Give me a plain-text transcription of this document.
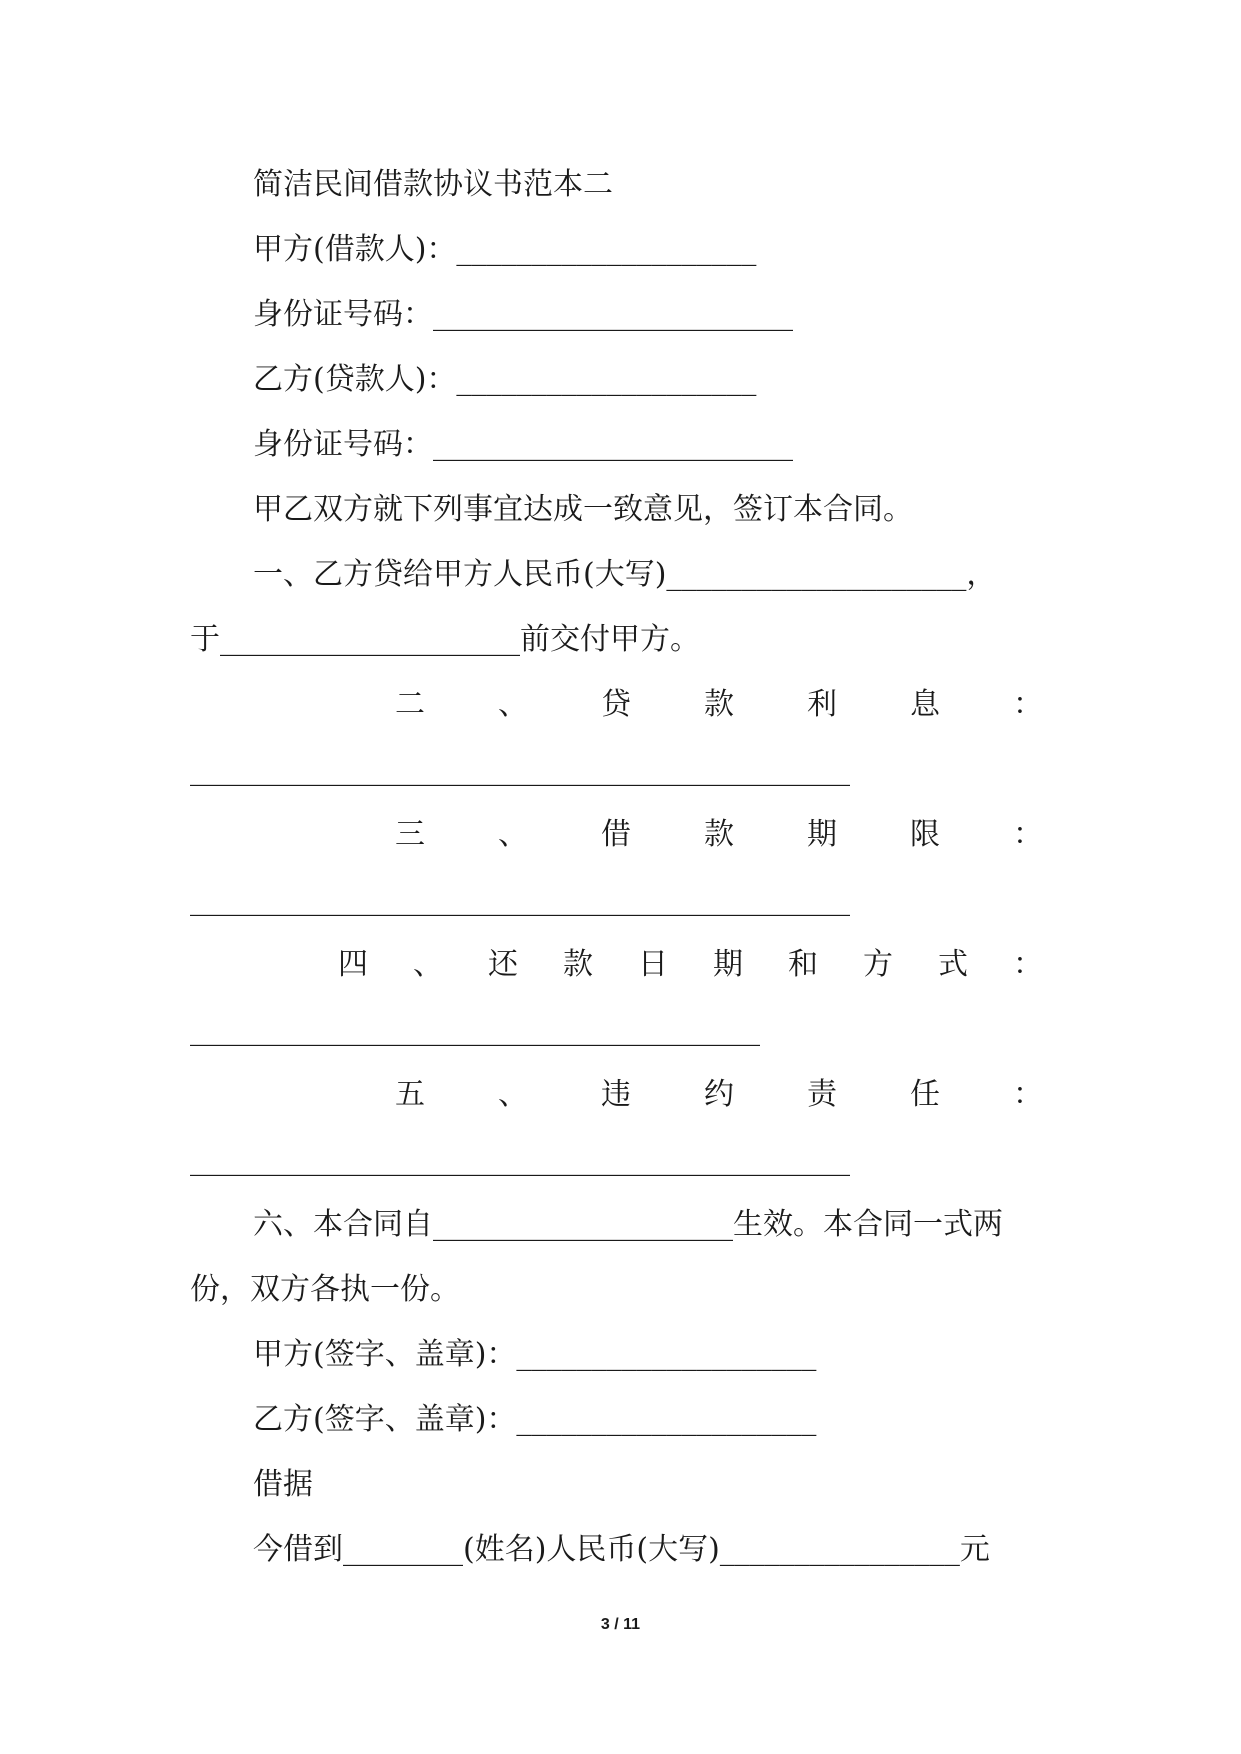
简洁民间借款协议书范本二

甲方(借款人)：____________________

身份证号码：________________________

乙方(贷款人)：____________________

身份证号码：________________________

甲乙双方就下列事宜达成一致意见，签订本合同。

一、乙方贷给甲方人民币(大写)____________________，

于____________________前交付甲方。

二 、 贷 款 利 息 ：

____________________________________________

三 、 借 款 期 限 ：

____________________________________________

四 、 还 款 日 期 和 方 式 ：

______________________________________

五 、 违 约 责 任 ：

____________________________________________

六、本合同自____________________生效。本合同一式两

份，双方各执一份。

甲方(签字、盖章)：____________________

乙方(签字、盖章)：____________________

借据

今借到________(姓名)人民币(大写)________________元

3 / 11
